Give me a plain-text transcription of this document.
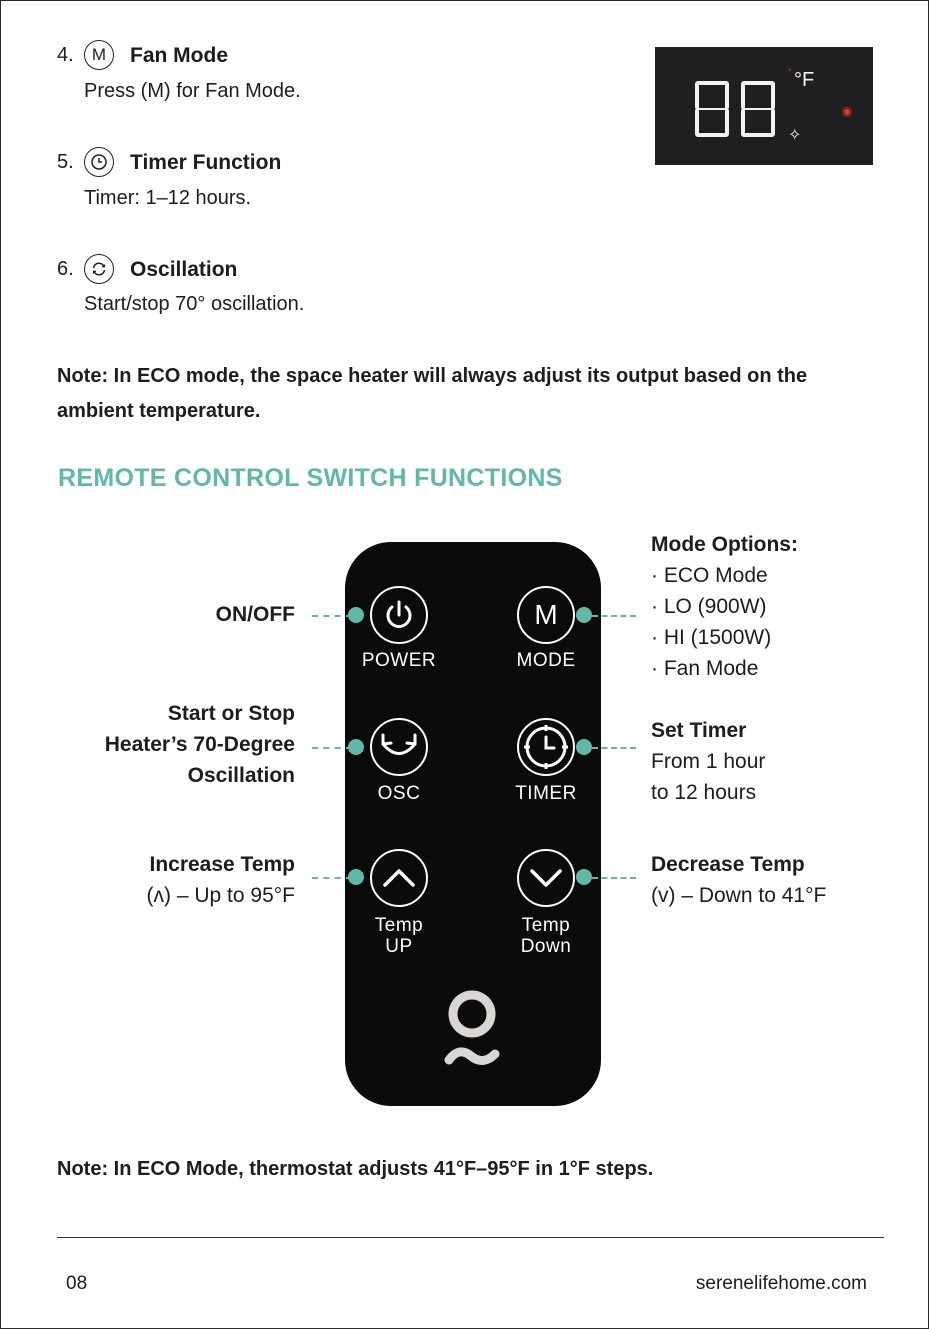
4. M Fan Mode
Press (M) for Fan Mode.
5.	Timer Function
Timer: 1–12 hours.
6.	Oscillation
Start/stop 70° oscillation.
° °F
◉
✧
Note: In ECO mode, the space heater will always adjust its output based on the ambient temperature.
REMOTE CONTROL SWITCH FUNCTIONS
POWER
M
MODE
OSC	TIMER
Temp
UP
Temp
Down
ON/OFF
Start or Stop
Heater’s 70-Degree
Oscillation
Increase Temp
(ʌ) – Up to 95°F
Mode Options:
· ECO Mode
· LO (900W)
· HI (1500W)
· Fan Mode
Set Timer
From 1 hour
to 12 hours
Decrease Temp
(v) – Down to 41°F
Note: In ECO Mode, thermostat adjusts 41°F–95°F in 1°F steps.
08	serenelifehome.com
